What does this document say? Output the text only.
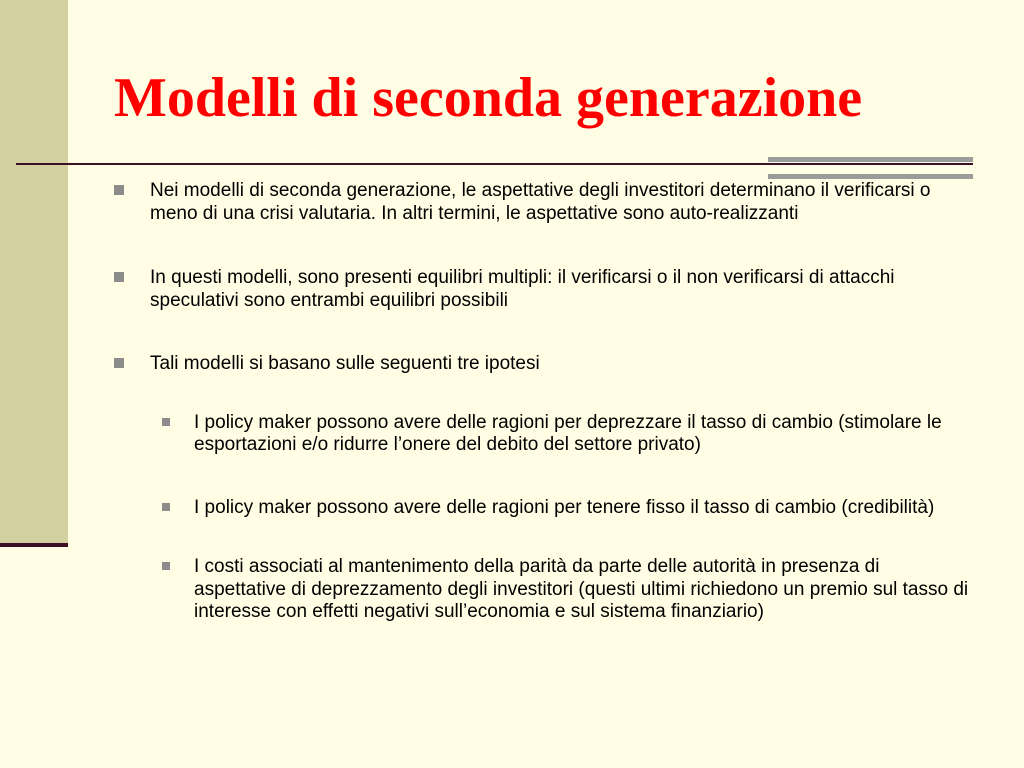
Modelli di seconda generazione
Nei modelli di seconda generazione, le aspettative degli investitori determinano il verificarsi o meno di una crisi valutaria. In altri termini, le aspettative sono auto-realizzanti
In questi modelli, sono presenti equilibri multipli: il verificarsi o il non verificarsi di attacchi speculativi sono entrambi equilibri possibili
Tali modelli si basano sulle seguenti tre ipotesi
I policy maker possono avere delle ragioni per deprezzare il tasso di cambio (stimolare le esportazioni e/o ridurre l’onere del debito del settore privato)
I policy maker possono avere delle ragioni per tenere fisso il tasso di cambio (credibilità)
I costi associati al mantenimento della parità da parte delle autorità in presenza di aspettative di deprezzamento degli investitori (questi ultimi richiedono un premio sul tasso di interesse con effetti negativi sull’economia e sul sistema finanziario)
